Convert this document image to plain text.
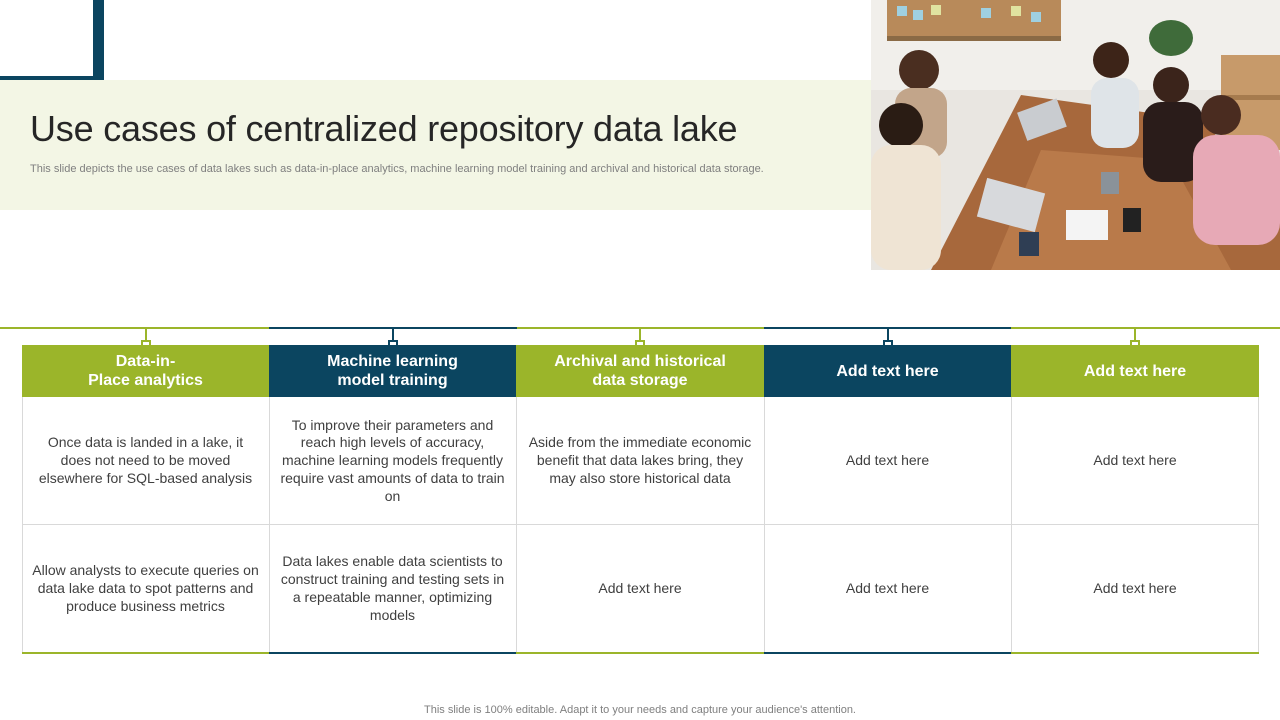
Use cases of centralized repository data lake

This slide depicts the use cases of data lakes such as data-in-place analytics, machine learning model training and archival and historical data storage.

Data-in-
Place analytics
Once data is landed in a lake, it does not need to be moved elsewhere for SQL-based analysis
Allow analysts to execute queries on data lake data to spot patterns and produce business metrics
Machine learning
model training
To improve their parameters and reach high levels of accuracy, machine learning models frequently require vast amounts of data to train on
Data lakes enable data scientists to construct training and testing sets in a repeatable manner, optimizing models
Archival and historical
data storage
Aside from the immediate economic benefit that data lakes bring, they may also store historical data
Add text here
Add text here
Add text here
Add text here
Add text here
Add text here
Add text here
This slide is 100% editable. Adapt it to your needs and capture your audience's attention.
